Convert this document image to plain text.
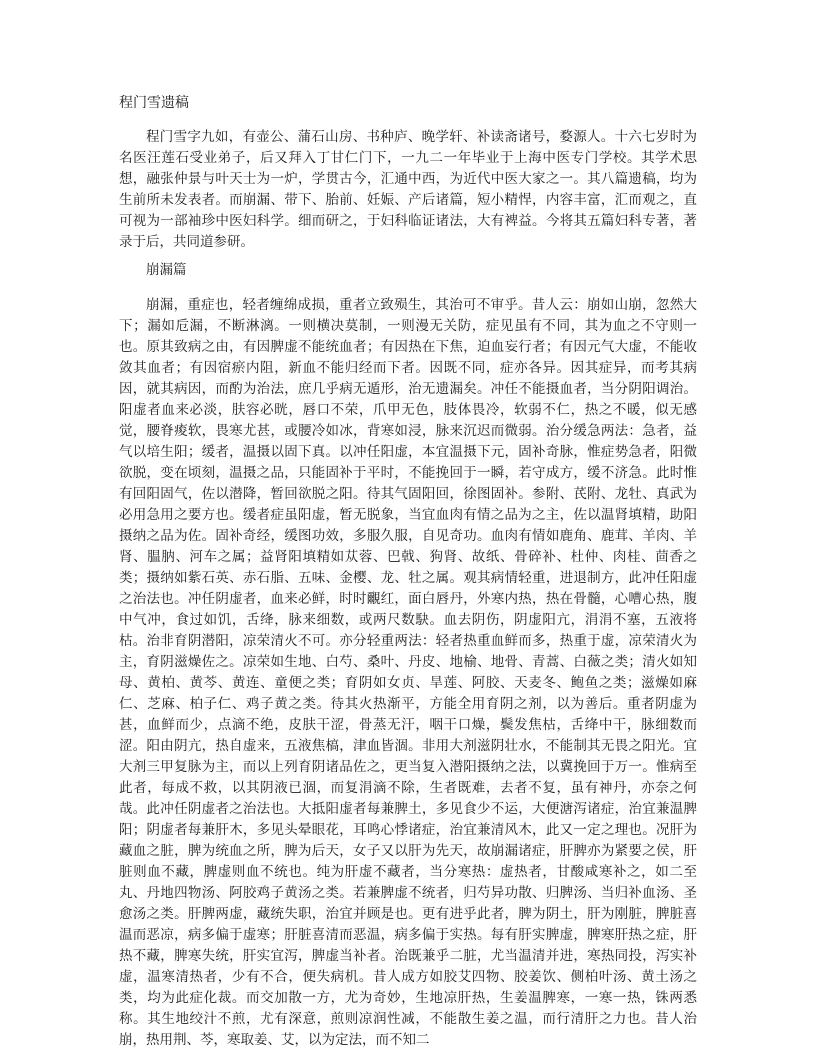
程门雪遗稿

程门雪字九如，有壶公、蒲石山房、书种庐、晚学轩、补读斋诸号，婺源人。十六七岁时为名医汪莲石受业弟子，后又拜入丁甘仁门下，一九二一年毕业于上海中医专门学校。其学术思想，融张仲景与叶天士为一炉，学贯古今，汇通中西，为近代中医大家之一。其八篇遗稿，均为生前所未发表者。而崩漏、带下、胎前、妊娠、产后诸篇，短小精悍，内容丰富，汇而观之，直可视为一部袖珍中医妇科学。细而研之，于妇科临证诸法，大有裨益。今将其五篇妇科专著，著录于后，共同道参研。

崩漏篇

崩漏，重症也，轻者缠绵成损，重者立致殒生，其治可不审乎。昔人云：崩如山崩，忽然大下；漏如卮漏，不断淋漓。一则横决莫制，一则漫无关防，症见虽有不同，其为血之不守则一也。原其致病之由，有因脾虚不能统血者；有因热在下焦，迫血妄行者；有因元气大虚，不能收敛其血者；有因宿瘀内阻，新血不能归经而下者。因既不同，症亦各异。因其症异，而考其病因，就其病因，而酌为治法，庶几乎病无遁形，治无遗漏矣。冲任不能摄血者，当分阴阳调治。阳虚者血来必淡，肤容必晄，唇口不荣，爪甲无色，肢体畏冷，软弱不仁，热之不暖，似无感觉，腰脊痠软，畏寒尤甚，或腰冷如冰，背寒如浸，脉来沉迟而微弱。治分缓急两法：急者，益气以培生阳；缓者，温摄以固下真。以冲任阳虚，本宜温摄下元，固补奇脉，惟症势急者，阳微欲脱，变在顷刻，温摄之品，只能固补于平时，不能挽回于一瞬，若守成方，缓不济急。此时惟有回阳固气，佐以潜降，暂回欲脱之阳。待其气固阳回，徐图固补。参附、芪附、龙牡、真武为必用急用之要方也。缓者症虽阳虚，暂无脱象，当宜血肉有情之品为之主，佐以温肾填精，助阳摄纳之品为佐。固补奇经，缓图功效，多服久服，自见奇功。血肉有情如鹿角、鹿茸、羊肉、羊肾、腽肭、河车之属；益肾阳填精如苁蓉、巴戟、狗肾、故纸、骨碎补、杜仲、肉桂、茴香之类；摄纳如紫石英、赤石脂、五味、金樱、龙、牡之属。观其病情轻重，进退制方，此冲任阳虚之治法也。冲任阴虚者，血来必鲜，时时覼红，面白唇丹，外寒内热，热在骨髓，心嘈心热，腹中气冲，食过如饥，舌绛，脉来细数，或两尺数駃。血去阴伤，阴虚阳亢，涓涓不塞，五液将枯。治非育阴潜阳，凉荣清火不可。亦分轻重两法：轻者热重血鲜而多，热重于虚，凉荣清火为主，育阴滋燥佐之。凉荣如生地、白芍、桑叶、丹皮、地榆、地骨、青蒿、白薇之类；清火如知母、黄柏、黄芩、黄连、童便之类；育阴如女贞、旱莲、阿胶、天麦冬、鲍鱼之类；滋燥如麻仁、芝麻、柏子仁、鸡子黄之类。待其火热渐平，方能全用育阴之剂，以为善后。重者阴虚为甚，血鲜而少，点滴不绝，皮肤干涩，骨蒸无汗，咽干口燥，鬓发焦枯，舌绛中干，脉细数而涩。阳由阴亢，热自虚来，五液焦槁，津血皆涸。非用大剂滋阴壮水，不能制其无畏之阳光。宜大剂三甲复脉为主，而以上列育阴诸品佐之，更当复入潜阳摄纳之法，以冀挽回于万一。惟病至此者，每成不救，以其阴液已涸，而复涓滴不除，生者既难，去者不复，虽有神丹，亦奈之何哉。此冲任阴虚者之治法也。大抵阳虚者每兼脾土，多见食少不运，大便溏泻诸症，治宜兼温脾阳；阴虚者每兼肝木，多见头晕眼花，耳鸣心悸诸症，治宜兼清风木，此又一定之理也。况肝为藏血之脏，脾为统血之所，脾为后天，女子又以肝为先天，故崩漏诸症，肝脾亦为紧要之侯，肝脏则血不藏，脾虚则血不统也。纯为肝虚不藏者，当分寒热：虚热者，甘酸咸寒补之，如二至丸、丹地四物汤、阿胶鸡子黄汤之类。若兼脾虚不统者，归芍异功散、归脾汤、当归补血汤、圣愈汤之类。肝脾两虚，藏统失职，治宜并顾是也。更有进乎此者，脾为阴土，肝为刚脏，脾脏喜温而恶凉，病多偏于虚寒；肝脏喜清而恶温，病多偏于实热。每有肝实脾虚，脾寒肝热之症，肝热不藏，脾寒失统，肝实宜泻，脾虚当补者。治既兼乎二脏，尤当温清并进，寒热同投，泻实补虚，温寒清热者，少有不合，便失病机。昔人成方如胶艾四物、胶姜饮、侧柏叶汤、黄土汤之类，均为此症化裁。而交加散一方，尤为奇妙，生地凉肝热，生姜温脾寒，一寒一热，铢两悉称。其生地绞汁不煎，尤有深意，煎则凉润性减，不能散生姜之温，而行清肝之力也。昔人治崩，热用荆、芩，寒取姜、艾，以为定法，而不知二
